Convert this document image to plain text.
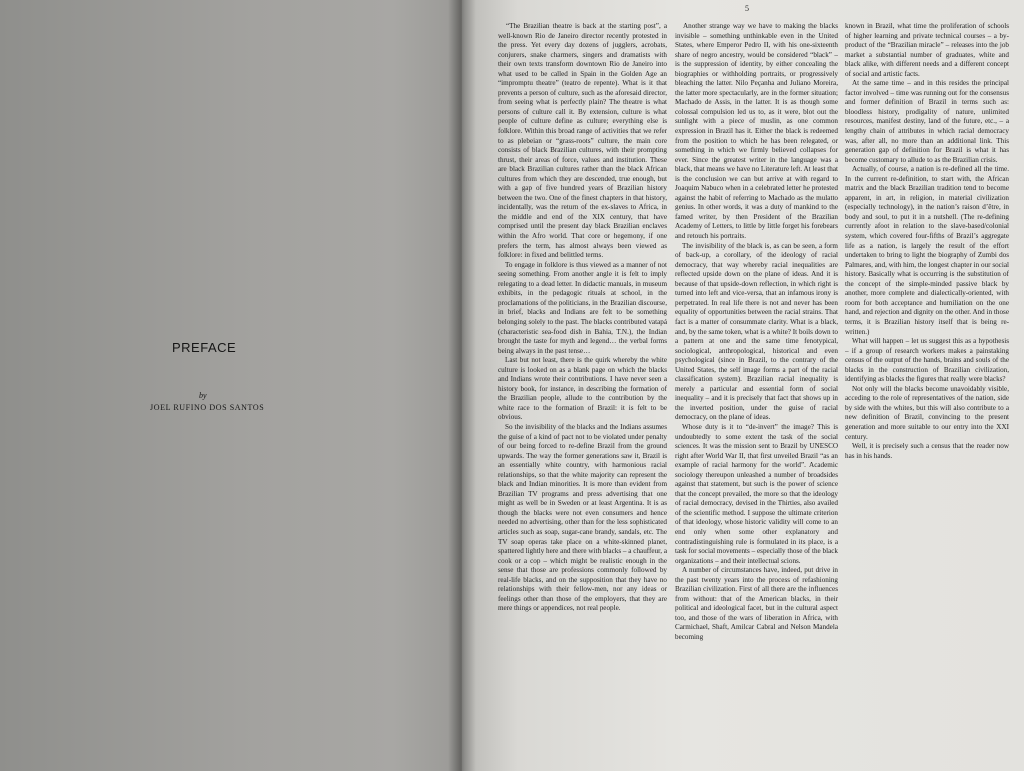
PREFACE
by
JOEL RUFINO DOS SANTOS
5

“The Brazilian theatre is back at the starting post”, a well-known Rio de Janeiro director recently protested in the press. Yet every day dozens of jugglers, acrobats, conjurers, snake charmers, singers and dramatists with their own texts transform downtown Rio de Janeiro into what used to be called in Spain in the Golden Age an “impromptu theatre” (teatro de repente). What is it that prevents a person of culture, such as the aforesaid director, from seeing what is perfectly plain? The theatre is what persons of culture call it. By extension, culture is what people of culture define as culture; everything else is folklore. Within this broad range of activities that we refer to as plebeian or “grass-roots” culture, the main core consists of black Brazilian cultures, with their prompting thrust, their areas of force, values and institution. These are black Brazilian cultures rather than the black African cultures from which they are descended, true enough, but with a gap of five hundred years of Brazilian history between the two. One of the finest chapters in that history, incidentally, was the return of the ex-slaves to Africa, in the middle and end of the XIX century, that have comprised until the present day black Brazilian enclaves within the Afro world. That core or hegemony, if one prefers the term, has almost always been viewed as folklore: in fixed and belittled terms.

To engage in folklore is thus viewed as a manner of not seeing something. From another angle it is felt to imply relegating to a dead letter. In didactic manuals, in museum exhibits, in the pedagogic rituals at school, in the proclamations of the politicians, in the Brazilian discourse, in brief, blacks and Indians are felt to be something belonging solely to the past. The blacks contributed vatapá (characteristic sea-food dish in Bahia, T.N.), the Indian brought the taste for myth and legend… the verbal forms being always in the past tense…

Last but not least, there is the quirk whereby the white culture is looked on as a blank page on which the blacks and Indians wrote their contributions. I have never seen a history book, for instance, in describing the formation of the Brazilian people, allude to the contribution by the white race to the formation of Brazil: it is felt to be obvious.

So the invisibility of the blacks and the Indians assumes the guise of a kind of pact not to be violated under penalty of our being forced to re-define Brazil from the ground upwards. The way the former generations saw it, Brazil is an essentially white country, with harmonious racial relationships, so that the white majority can represent the black and Indian minorities. It is more than evident from Brazilian TV programs and press advertising that one might as well be in Sweden or at least Argentina. It is as though the blacks were not even consumers and hence needed no advertising, other than for the less sophisticated articles such as soap, sugar-cane brandy, sandals, etc. The TV soap operas take place on a white-skinned planet, spattered lightly here and there with blacks – a chauffeur, a cook or a cop – which might be realistic enough in the sense that those are professions commonly followed by real-life blacks, and on the supposition that they have no relationships with their fellow-men, nor any ideas or feelings other than those of the employers, that they are mere things or appendices, not real people.

Another strange way we have to making the blacks invisible – something unthinkable even in the United States, where Emperor Pedro II, with his one-sixteenth share of negro ancestry, would be considered “black” – is the suppression of identity, by either concealing the biographies or withholding portraits, or progressively bleaching the latter. Nilo Peçanha and Juliano Moreira, the latter more spectacularly, are in the former situation; Machado de Assis, in the latter. It is as though some colossal compulsion led us to, as it were, blot out the sunlight with a piece of muslin, as one common expression in Brazil has it. Either the black is redeemed from the position to which he has been relegated, or something in which we firmly believed collapses for ever. Since the greatest writer in the language was a black, that means we have no Literature left. At least that is the conclusion we can but arrive at with regard to Joaquim Nabuco when in a celebrated letter he protested against the habit of referring to Machado as the mulatto genius. In other words, it was a duty of mankind to the famed writer, by then President of the Brazilian Academy of Letters, to little by little forget his forebears and retouch his portraits.

The invisibility of the black is, as can be seen, a form of back-up, a corollary, of the ideology of racial democracy, that way whereby racial inequalities are reflected upside down on the plane of ideas. And it is because of that upside-down reflection, in which right is turned into left and vice-versa, that an infamous irony is perpetrated. In real life there is not and never has been equality of opportunities between the racial strains. That fact is a matter of consummate clarity. What is a black, and, by the same token, what is a white? It boils down to a pattern at one and the same time fenotypical, sociological, anthropological, historical and even psychological (since in Brazil, to the contrary of the United States, the self image forms a part of the racial classification system). Brazilian racial inequality is merely a particular and essential form of social inequality – and it is precisely that fact that shows up in the inverted position, under the guise of racial democracy, on the plane of ideas.

Whose duty is it to “de-invert” the image? This is undoubtedly to some extent the task of the social sciences. It was the mission sent to Brazil by UNESCO right after World War II, that first unveiled Brazil “as an example of racial harmony for the world”. Academic sociology thereupon unleashed a number of broadsides against that statement, but such is the power of science that the concept prevailed, the more so that the ideology of racial democracy, devised in the Thirties, also availed of the scientific method. I suppose the ultimate criterion of that ideology, whose historic validity will come to an end only when some other explanatory and contradistinguishing rule is formulated in its place, is a task for social movements – especially those of the black organizations – and their intellectual scions.

A number of circumstances have, indeed, put drive in the past twenty years into the process of refashioning Brazilian civilization. First of all there are the influences from without: that of the American blacks, in their political and ideological facet, but in the cultural aspect too, and those of the wars of liberation in Africa, with Carmichael, Shaft, Amilcar Cabral and Nelson Mandela becoming

known in Brazil, what time the proliferation of schools of higher learning and private technical courses – a by-product of the “Brazilian miracle” – releases into the job market a substantial number of graduates, white and black alike, with different needs and a different concept of social and artistic facts.

At the same time – and in this resides the principal factor involved – time was running out for the consensus and former definition of Brazil in terms such as: bloodless history, prodigality of nature, unlimited resources, manifest destiny, land of the future, etc., – a lengthy chain of attributes in which racial democracy was, after all, no more than an additional link. This generation gap of definition for Brazil is what it has become customary to allude to as the Brazilian crisis.

Actually, of course, a nation is re-defined all the time. In the current re-definition, to start with, the African matrix and the black Brazilian tradition tend to become apparent, in art, in religion, in material civilization (especially technology), in the nation’s raison d’être, in body and soul, to put it in a nutshell. (The re-defining currently afoot in relation to the slave-based/colonial system, which covered four-fifths of Brazil’s aggregate life as a nation, is largely the result of the effort undertaken to bring to light the biography of Zumbi dos Palmares, and, with him, the longest chapter in our social history. Basically what is occurring is the substitution of the concept of the simple-minded passive black by another, more complete and dialectically-oriented, with room for both acceptance and humiliation on the one hand, and rejection and dignity on the other. And in those terms, it is Brazilian history itself that is being re-written.)

What will happen – let us suggest this as a hypothesis – if a group of research workers makes a painstaking census of the output of the hands, brains and souls of the blacks in the construction of Brazilian civilization, identifying as blacks the figures that really were blacks?

Not only will the blacks become unavoidably visible, acceding to the role of representatives of the nation, side by side with the whites, but this will also contribute to a new definition of Brazil, convincing to the present generation and more suitable to our entry into the XXI century.

Well, it is precisely such a census that the reader now has in his hands.
